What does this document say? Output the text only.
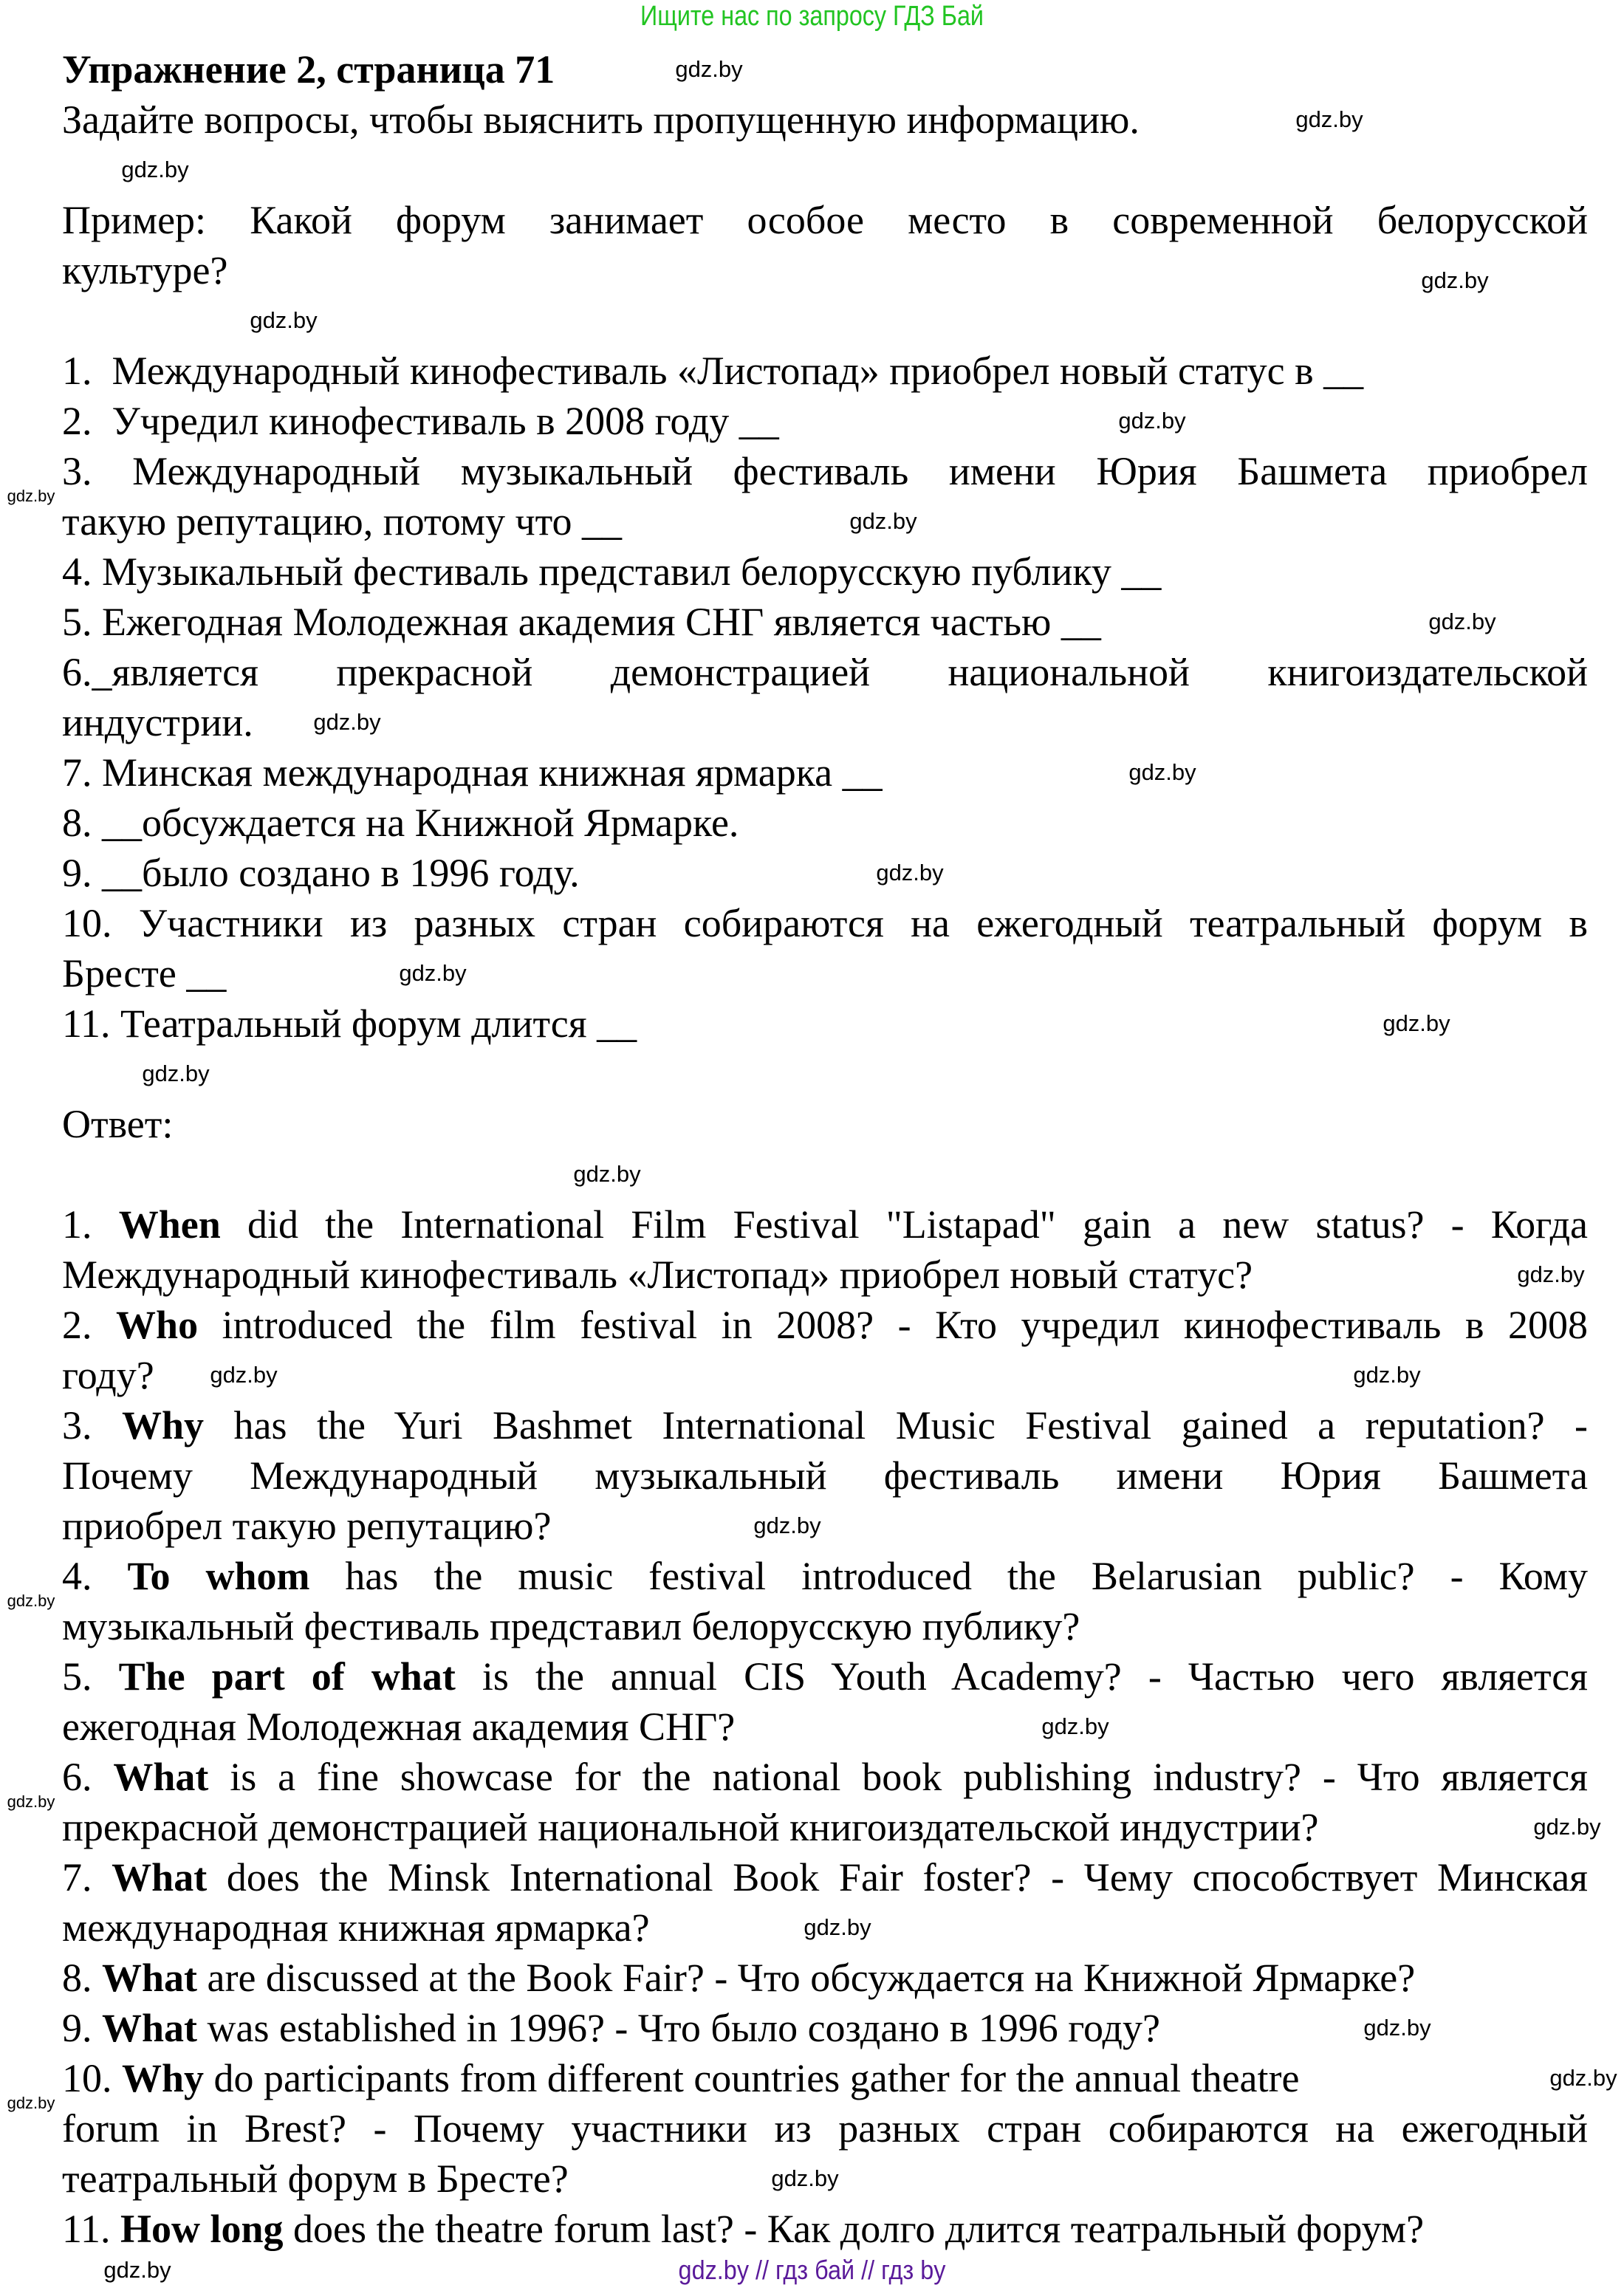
Ищите нас по запросу ГДЗ Бай
Упражнение 2, страница 71
Задайте вопросы, чтобы выяснить пропущенную информацию.
Пример: Какой форум занимает особое место в современной белорусской
культуре?
1.  Международный кинофестиваль «Листопад» приобрел новый статус в __
2.  Учредил кинофестиваль в 2008 году __
3. Международный музыкальный фестиваль имени Юрия Башмета приобрел
такую репутацию, потому что __
4. Музыкальный фестиваль представил белорусскую публику __
5. Ежегодная Молодежная академия СНГ является частью __
6._является прекрасной демонстрацией национальной книгоиздательской
индустрии.
7. Минская международная книжная ярмарка __
8. __обсуждается на Книжной Ярмарке.
9. __было создано в 1996 году.
10. Участники из разных стран собираются на ежегодный театральный форум в
Бресте __
11. Театральный форум длится __
Ответ:
1. When did the International Film Festival "Listapad" gain a new status? - Когда
Международный кинофестиваль «Листопад» приобрел новый статус?
2. Who introduced the film festival in 2008? - Кто учредил кинофестиваль в 2008
году?
3. Why has the Yuri Bashmet International Music Festival gained a reputation? -
Почему Международный музыкальный фестиваль имени Юрия Башмета
приобрел такую репутацию?
4. To whom has the music festival introduced the Belarusian public? - Кому
музыкальный фестиваль представил белорусскую публику?
5. The part of what is the annual CIS Youth Academy? - Частью чего является
ежегодная Молодежная академия СНГ?
6. What is a fine showcase for the national book publishing industry? - Что является
прекрасной демонстрацией национальной книгоиздательской индустрии?
7. What does the Minsk International Book Fair foster? - Чему способствует Минская
международная книжная ярмарка?
8. What are discussed at the Book Fair? - Что обсуждается на Книжной Ярмарке?
9. What was established in 1996? - Что было создано в 1996 году?
10. Why do participants from different countries gather for the annual theatre
forum in Brest? - Почему участники из разных стран собираются на ежегодный
театральный форум в Бресте?
11. How long does the theatre forum last? - Как долго длится театральный форум?
gdz.by
gdz.by
gdz.by
gdz.by
gdz.by
gdz.by
gdz.by
gdz.by
gdz.by
gdz.by
gdz.by
gdz.by
gdz.by
gdz.by
gdz.by
gdz.by
gdz.by
gdz.by
gdz.by
gdz.by
gdz.by
gdz.by
gdz.by
gdz.by
gdz.by
gdz.by
gdz.by
gdz.by
gdz.by
gdz.by	gdz.by // гдз бай // гдз by
